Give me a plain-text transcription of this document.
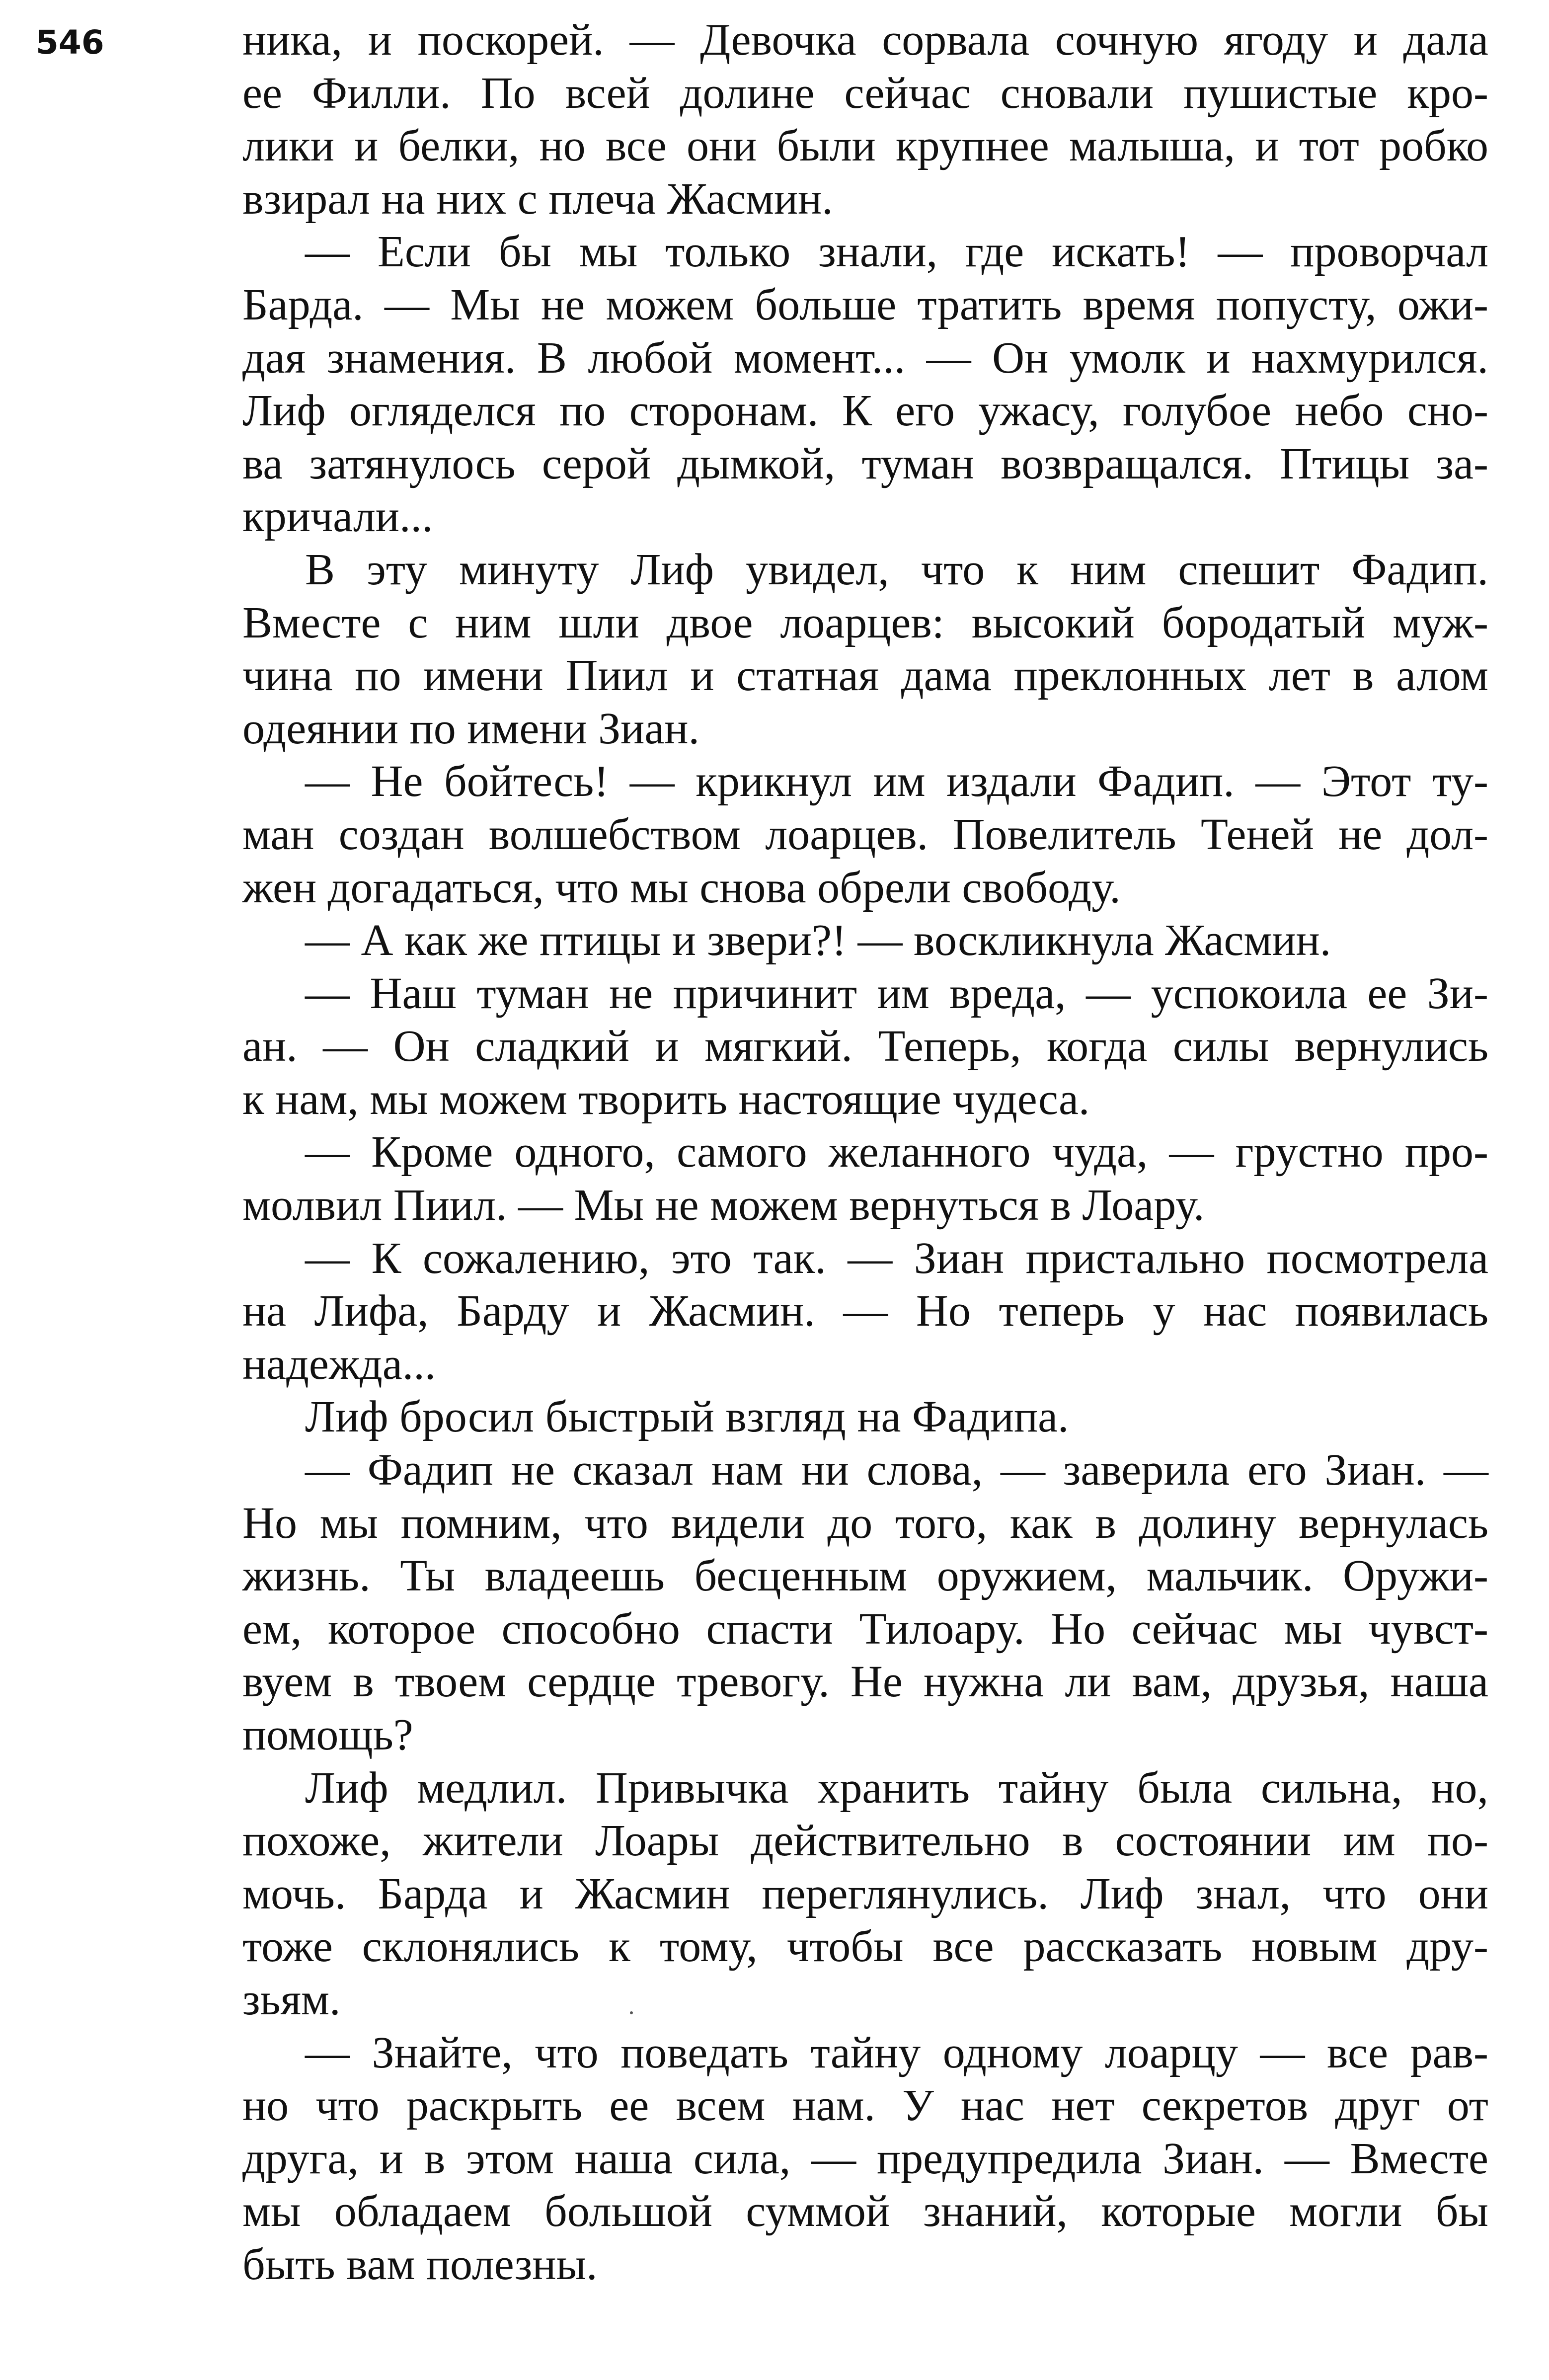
546	ника, и поскорей. — Девочка сорвала сочную ягоду и дала
ее Филли. По всей долине сейчас сновали пушистые кро-
лики и белки, но все они были крупнее малыша, и тот робко
взирал на них с плеча Жасмин.
— Если бы мы только знали, где искать! — проворчал
Барда. — Мы не можем больше тратить время попусту, ожи-
дая знамения. В любой момент... — Он умолк и нахмурился.
Лиф огляделся по сторонам. К его ужасу, голубое небо сно-
ва затянулось серой дымкой, туман возвращался. Птицы за-
кричали...
В эту минуту Лиф увидел, что к ним спешит Фадип.
Вместе с ним шли двое лоарцев: высокий бородатый муж-
чина по имени Пиил и статная дама преклонных лет в алом
одеянии по имени Зиан.
— Не бойтесь! — крикнул им издали Фадип. — Этот ту-
ман создан волшебством лоарцев. Повелитель Теней не дол-
жен догадаться, что мы снова обрели свободу.
— А как же птицы и звери?! — воскликнула Жасмин.
— Наш туман не причинит им вреда, — успокоила ее Зи-
ан. — Он сладкий и мягкий. Теперь, когда силы вернулись
к нам, мы можем творить настоящие чудеса.
— Кроме одного, самого желанного чуда, — грустно про-
молвил Пиил. — Мы не можем вернуться в Лоару.
— К сожалению, это так. — Зиан пристально посмотрела
на Лифа, Барду и Жасмин. — Но теперь у нас появилась
надежда...
Лиф бросил быстрый взгляд на Фадипа.
— Фадип не сказал нам ни слова, — заверила его Зиан. —
Но мы помним, что видели до того, как в долину вернулась
жизнь. Ты владеешь бесценным оружием, мальчик. Оружи-
ем, которое способно спасти Тилоару. Но сейчас мы чувст-
вуем в твоем сердце тревогу. Не нужна ли вам, друзья, наша
помощь?
Лиф медлил. Привычка хранить тайну была сильна, но,
похоже, жители Лоары действительно в состоянии им по-
мочь. Барда и Жасмин переглянулись. Лиф знал, что они
тоже склонялись к тому, чтобы все рассказать новым дру-
зьям.
— Знайте, что поведать тайну одному лоарцу — все рав-
но что раскрыть ее всем нам. У нас нет секретов друг от
друга, и в этом наша сила, — предупредила Зиан. — Вместе
мы обладаем большой суммой знаний, которые могли бы
быть вам полезны.
